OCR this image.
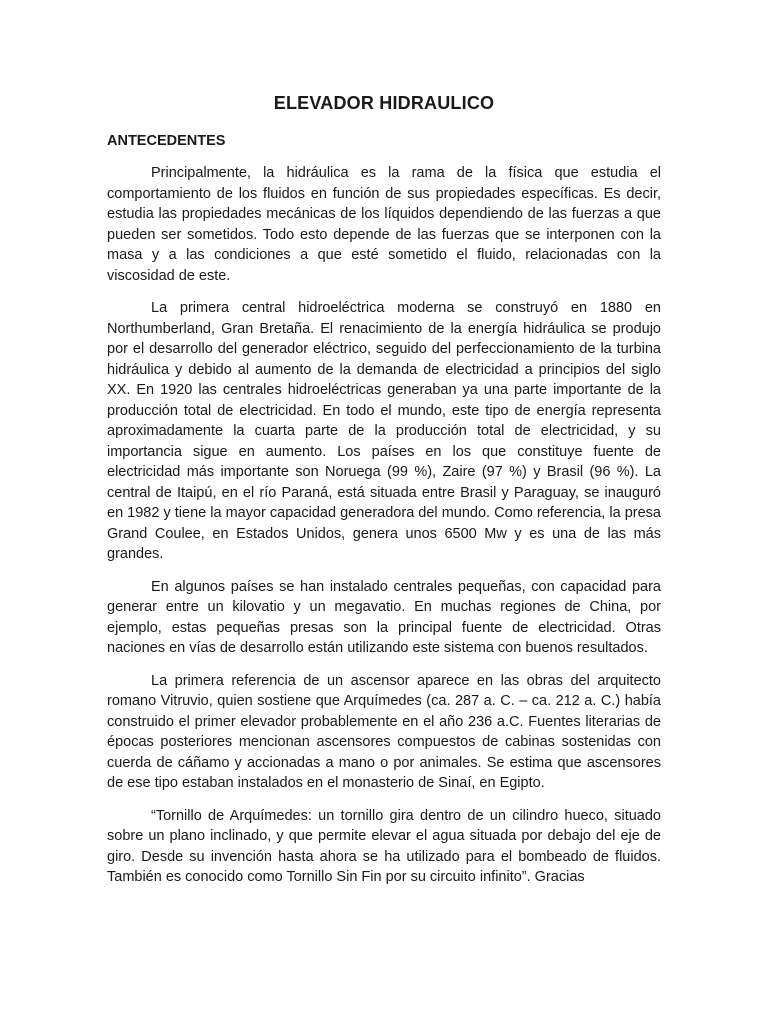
ELEVADOR HIDRAULICO
ANTECEDENTES

Principalmente, la hidráulica es la rama de la física que estudia el comportamiento de los fluidos en función de sus propiedades específicas. Es decir, estudia las propiedades mecánicas de los líquidos dependiendo de las fuerzas a que pueden ser sometidos. Todo esto depende de las fuerzas que se interponen con la masa y a las condiciones a que esté sometido el fluido, relacionadas con la viscosidad de este.

La primera central hidroeléctrica moderna se construyó en 1880 en Northumberland, Gran Bretaña. El renacimiento de la energía hidráulica se produjo por el desarrollo del generador eléctrico, seguido del perfeccionamiento de la turbina hidráulica y debido al aumento de la demanda de electricidad a principios del siglo XX. En 1920 las centrales hidroeléctricas generaban ya una parte importante de la producción total de electricidad. En todo el mundo, este tipo de energía representa aproximadamente la cuarta parte de la producción total de electricidad, y su importancia sigue en aumento. Los países en los que constituye fuente de electricidad más importante son Noruega (99 %), Zaire (97 %) y Brasil (96 %). La central de Itaipú, en el río Paraná, está situada entre Brasil y Paraguay, se inauguró en 1982 y tiene la mayor capacidad generadora del mundo. Como referencia, la presa Grand Coulee, en Estados Unidos, genera unos 6500 Mw y es una de las más grandes.

En algunos países se han instalado centrales pequeñas, con capacidad para generar entre un kilovatio y un megavatio. En muchas regiones de China, por ejemplo, estas pequeñas presas son la principal fuente de electricidad. Otras naciones en vías de desarrollo están utilizando este sistema con buenos resultados.

La primera referencia de un ascensor aparece en las obras del arquitecto romano Vitruvio, quien sostiene que Arquímedes (ca. 287 a. C. – ca. 212 a. C.) había construido el primer elevador probablemente en el año 236 a.C. Fuentes literarias de épocas posteriores mencionan ascensores compuestos de cabinas sostenidas con cuerda de cáñamo y accionadas a mano o por animales. Se estima que ascensores de ese tipo estaban instalados en el monasterio de Sinaí, en Egipto.

“Tornillo de Arquímedes: un tornillo gira dentro de un cilindro hueco, situado sobre un plano inclinado, y que permite elevar el agua situada por debajo del eje de giro. Desde su invención hasta ahora se ha utilizado para el bombeado de fluidos. También es conocido como Tornillo Sin Fin por su circuito infinito”. Gracias
